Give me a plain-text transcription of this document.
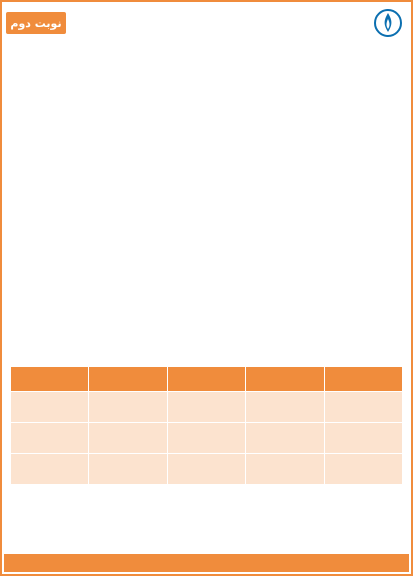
نوبت دوم
